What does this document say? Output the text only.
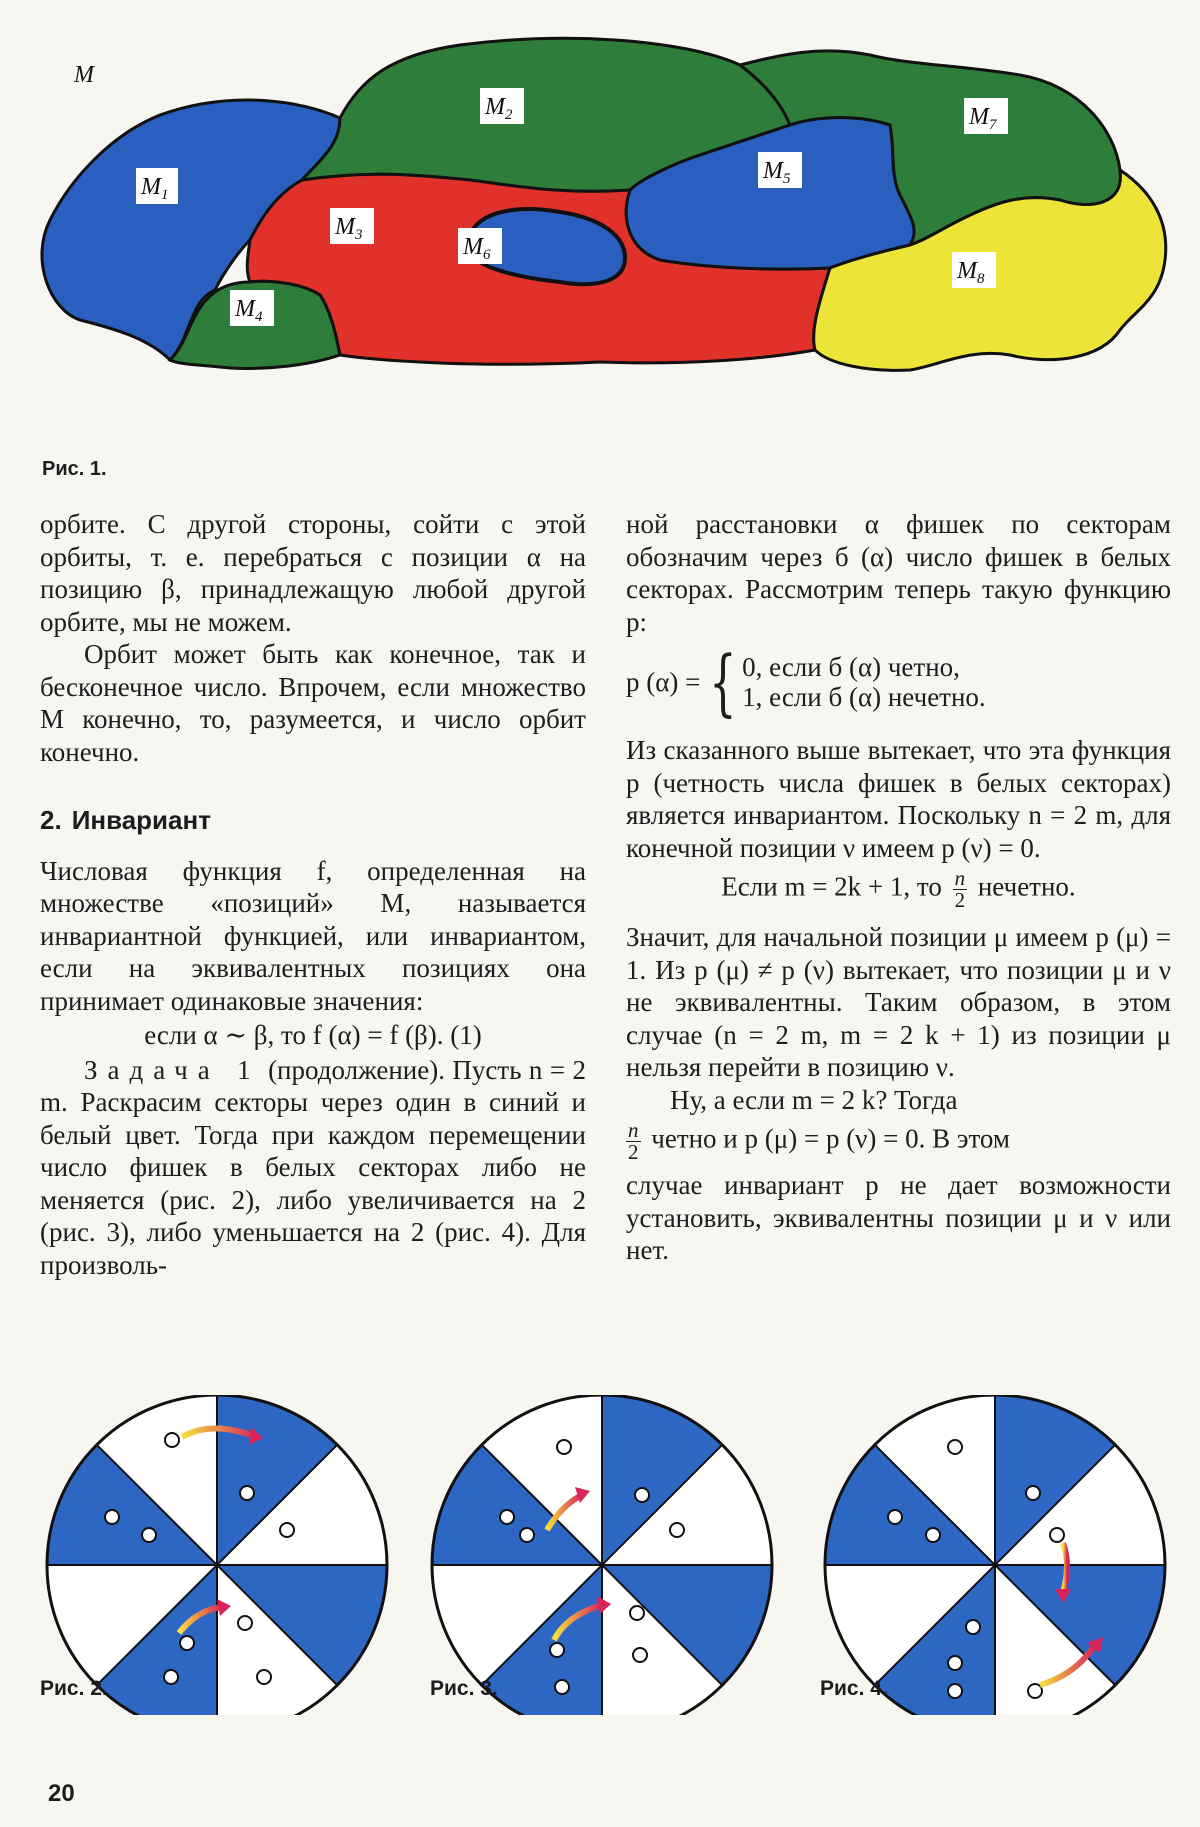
M
$M_1$
$M_2$
$M_3$
$M_4$
$M_5$
$M_6$
$M_7$
$M_8$
Рис. 1.

орбите. С другой стороны, сойти с этой орбиты, т. е. перебраться с позиции α на позицию β, принадлежащую любой другой орбите, мы не можем.

Орбит может быть как конечное, так и бесконечное число. Впрочем, если множество M конечно, то, разумеется, и число орбит конечно.

2. Инвариант

Числовая функция f, определенная на множестве «позиций» M, называется инвариантной функцией, или инвариантом, если на эквивалентных позициях она принимает одинаковые значения:

если α ∼ β, то f (α) = f (β). (1)

Задача 1 (продолжение). Пусть n = 2 m. Раскрасим секторы через один в синий и белый цвет. Тогда при каждом перемещении число фишек в белых секторах либо не меняется (рис. 2), либо увеличивается на 2 (рис. 3), либо уменьшается на 2 (рис. 4). Для произволь-

ной расстановки α фишек по секторам обозначим через б (α) число фишек в белых секторах. Рассмотрим теперь такую функцию p:

p (α) = { 0, если б (α) четно,
1, если б (α) нечетно.

Из сказанного выше вытекает, что эта функция p (четность числа фишек в белых секторах) является инвариантом. Поскольку n = 2 m, для конечной позиции ν имеем p (ν) = 0.

Если m = 2k + 1, то $\frac{n}{2}$ нечетно.

Значит, для начальной позиции μ имеем p (μ) = 1. Из p (μ) ≠ p (ν) вытекает, что позиции μ и ν не эквивалентны. Таким образом, в этом случае (n = 2 m, m = 2 k + 1) из позиции μ нельзя перейти в позицию ν.

Ну, а если m = 2 k? Тогда

$\frac{n}{2}$ четно и p (μ) = p (ν) = 0. В этом

случае инвариант p не дает возможности установить, эквивалентны позиции μ и ν или нет.

Рис. 2.	Рис. 3.	Рис. 4.
20
